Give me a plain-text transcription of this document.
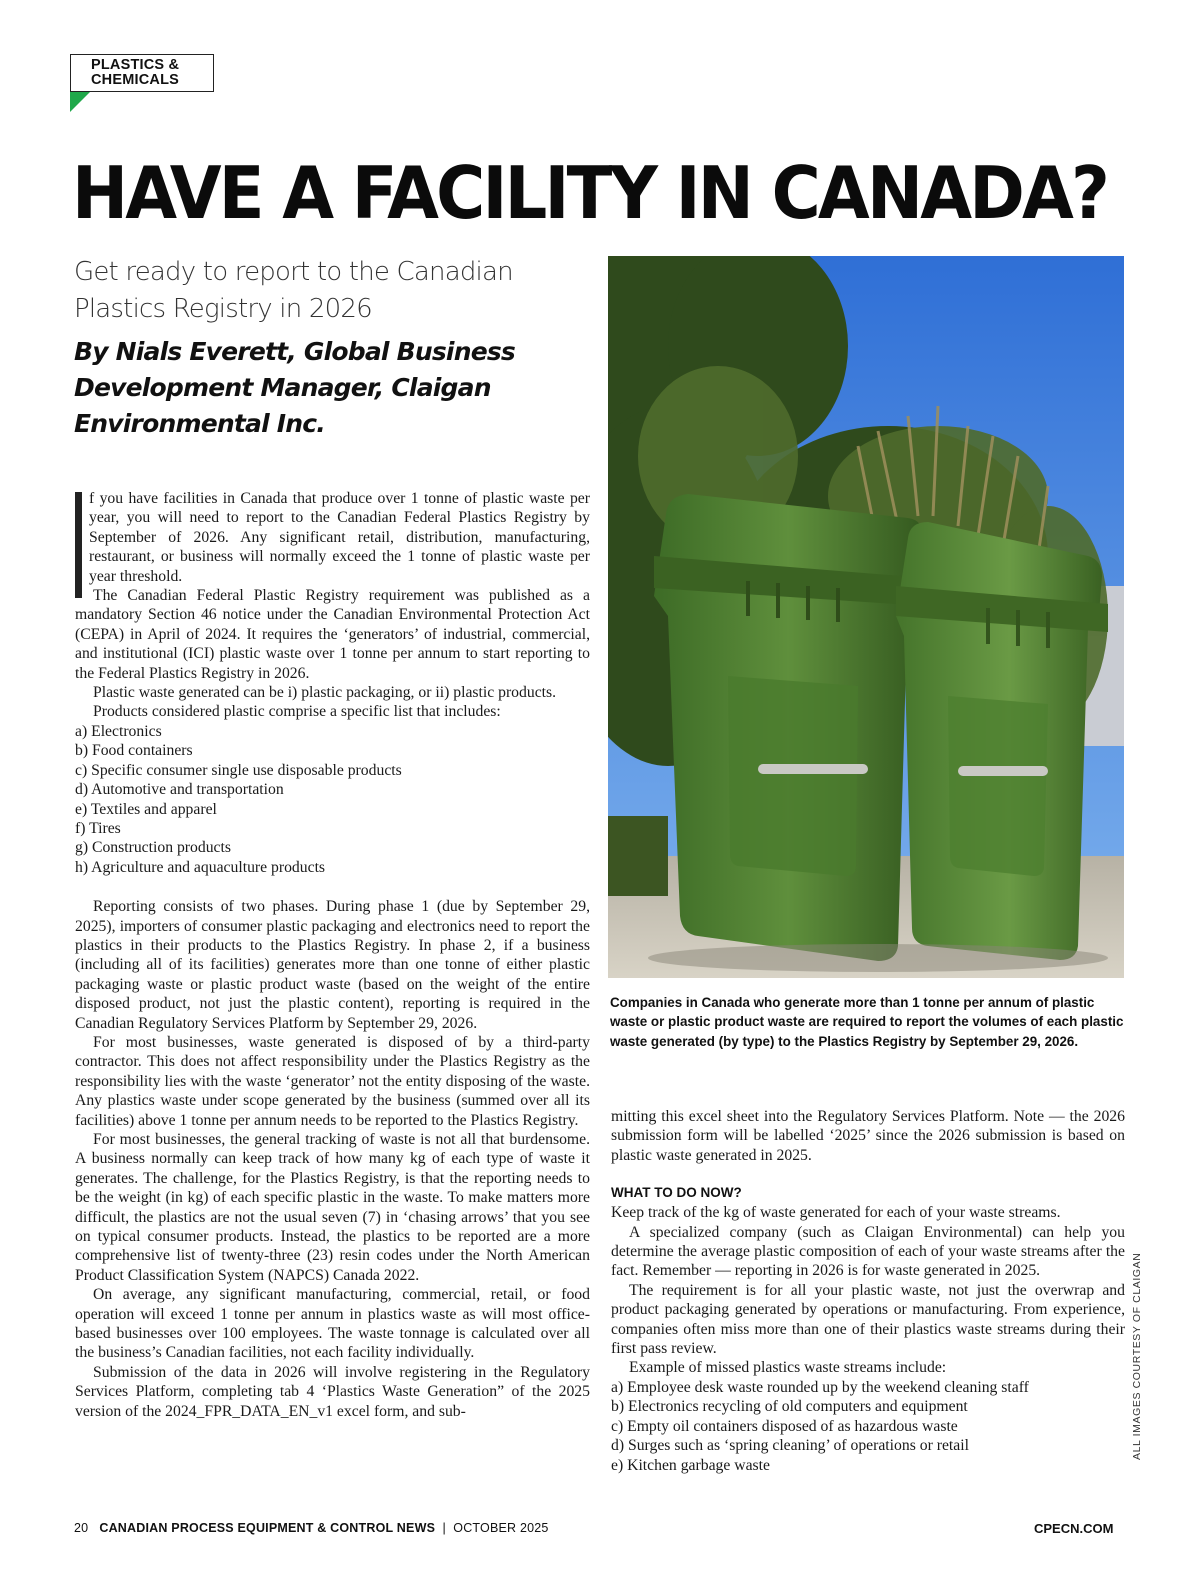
PLASTICS &
CHEMICALS
HAVE A FACILITY IN CANADA?
Get ready to report to the Canadian
Plastics Registry in 2026
By Nials Everett, Global Business
Development Manager, Claigan
Environmental Inc.

f you have facilities in Canada that produce over 1 tonne of plastic waste per year, you will need to report to the Canadian Federal Plastics Registry by September of 2026. Any significant retail, distribution, manufacturing, restaurant, or business will normally exceed the 1 tonne of plastic waste per year threshold.

The Canadian Federal Plastic Registry requirement was published as a mandatory Section 46 notice under the Canadian Environmental Protection Act (CEPA) in April of 2024. It requires the ‘generators’ of industrial, commercial, and institutional (ICI) plastic waste over 1 tonne per annum to start reporting to the Federal Plastics Registry in 2026.

Plastic waste generated can be i) plastic packaging, or ii) plastic products.

Products considered plastic comprise a specific list that includes:

a) Electronics
b) Food containers
c) Specific consumer single use disposable products
d) Automotive and transportation
e) Textiles and apparel
f) Tires
g) Construction products
h) Agriculture and aquaculture products

Reporting consists of two phases. During phase 1 (due by September 29, 2025), importers of consumer plastic packaging and electronics need to report the plastics in their products to the Plastics Registry. In phase 2, if a business (including all of its facilities) generates more than one tonne of either plastic packaging waste or plastic product waste (based on the weight of the entire disposed product, not just the plastic content), reporting is required in the Canadian Regulatory Services Platform by September 29, 2026.

For most businesses, waste generated is disposed of by a third-party contractor. This does not affect responsibility under the Plastics Registry as the responsibility lies with the waste ‘generator’ not the entity disposing of the waste. Any plastics waste under scope generated by the business (summed over all its facilities) above 1 tonne per annum needs to be reported to the Plastics Registry.

For most businesses, the general tracking of waste is not all that burdensome. A business normally can keep track of how many kg of each type of waste it generates. The challenge, for the Plastics Registry, is that the reporting needs to be the weight (in kg) of each specific plastic in the waste. To make matters more difficult, the plastics are not the usual seven (7) in ‘chasing arrows’ that you see on typical consumer products. Instead, the plastics to be reported are a more comprehensive list of twenty-three (23) resin codes under the North American Product Classification System (NAPCS) Canada 2022.

On average, any significant manufacturing, commercial, retail, or food operation will exceed 1 tonne per annum in plastics waste as will most office-based businesses over 100 employees. The waste tonnage is calculated over all the business’s Canadian facilities, not each facility individually.

Submission of the data in 2026 will involve registering in the Regulatory Services Platform, completing tab 4 ‘Plastics Waste Generation” of the 2025 version of the 2024_FPR_DATA_EN_v1 excel form, and sub-

Companies in Canada who generate more than 1 tonne per annum of plastic waste or plastic product waste are required to report the volumes of each plastic waste generated (by type) to the Plastics Registry by September 29, 2026.

mitting this excel sheet into the Regulatory Services Platform. Note — the 2026 submission form will be labelled ‘2025’ since the 2026 submission is based on plastic waste generated in 2025.

WHAT TO DO NOW?

Keep track of the kg of waste generated for each of your waste streams.

A specialized company (such as Claigan Environmental) can help you determine the average plastic composition of each of your waste streams after the fact. Remember — reporting in 2026 is for waste generated in 2025.

The requirement is for all your plastic waste, not just the overwrap and product packaging generated by operations or manufacturing. From experience, companies often miss more than one of their plastics waste streams during their first pass review.

Example of missed plastics waste streams include:

a) Employee desk waste rounded up by the weekend cleaning staff
b) Electronics recycling of old computers and equipment
c) Empty oil containers disposed of as hazardous waste
d) Surges such as ‘spring cleaning’ of operations or retail
e) Kitchen garbage waste
ALL IMAGES COURTESY OF CLAIGAN
20 CANADIAN PROCESS EQUIPMENT & CONTROL NEWS | OCTOBER 2025	CPECN.COM
